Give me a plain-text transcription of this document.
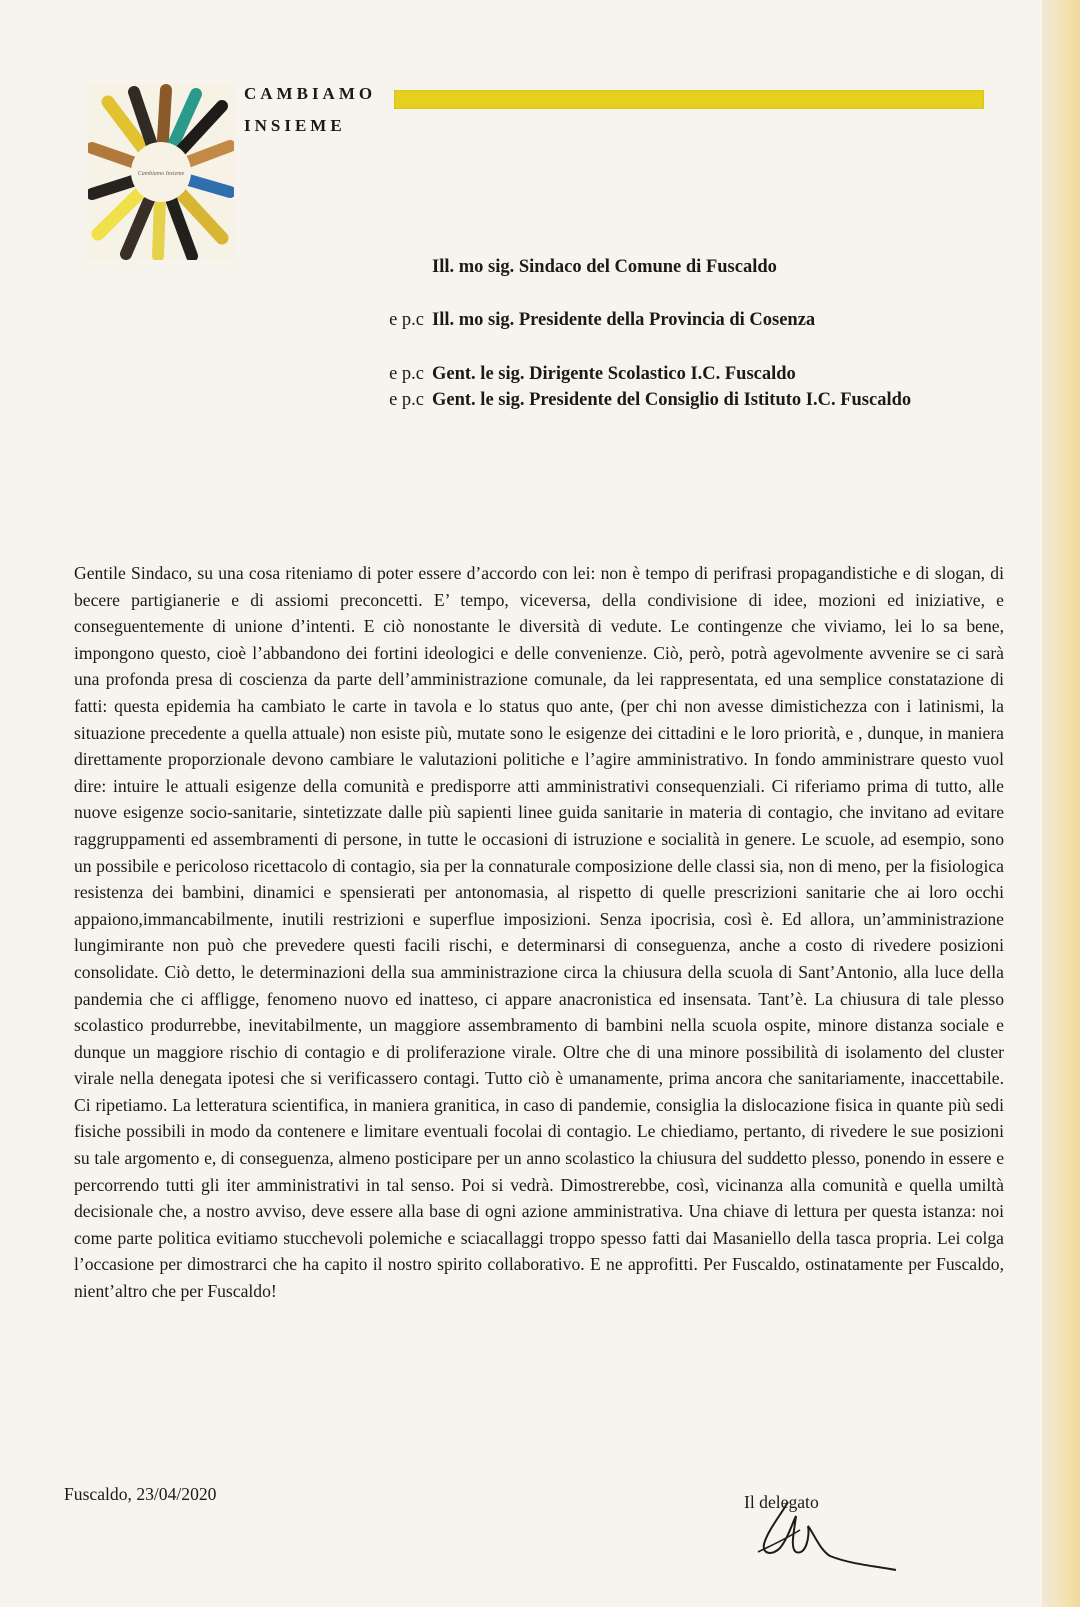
Cambiamo Insieme
CAMBIAMO
INSIEME
Ill. mo sig. Sindaco del Comune di Fuscaldo
e p.c Ill. mo sig. Presidente della Provincia di Cosenza
e p.c Gent. le sig. Dirigente Scolastico I.C. Fuscaldo
e p.c Gent. le sig. Presidente del Consiglio di Istituto I.C. Fuscaldo
Gentile Sindaco, su una cosa riteniamo di poter essere d’accordo con lei: non è tempo di perifrasi propagandistiche e di slogan, di becere partigianerie e di assiomi preconcetti. E’ tempo, viceversa, della condivisione di idee, mozioni ed iniziative, e conseguentemente di unione d’intenti. E ciò nonostante le diversità di vedute. Le contingenze che viviamo, lei lo sa bene, impongono questo, cioè l’abbandono dei fortini ideologici e delle convenienze. Ciò, però, potrà agevolmente avvenire se ci sarà una profonda presa di coscienza da parte dell’amministrazione comunale, da lei rappresentata, ed una semplice constatazione di fatti: questa epidemia ha cambiato le carte in tavola e lo status quo ante, (per chi non avesse dimistichezza con i latinismi, la situazione precedente a quella attuale) non esiste più, mutate sono le esigenze dei cittadini e le loro priorità, e , dunque, in maniera direttamente proporzionale devono cambiare le valutazioni politiche e l’agire amministrativo. In fondo amministrare questo vuol dire: intuire le attuali esigenze della comunità e predisporre atti amministrativi consequenziali. Ci riferiamo prima di tutto, alle nuove esigenze socio-sanitarie, sintetizzate dalle più sapienti linee guida sanitarie in materia di contagio, che invitano ad evitare raggruppamenti ed assembramenti di persone, in tutte le occasioni di istruzione e socialità in genere. Le scuole, ad esempio, sono un possibile e pericoloso ricettacolo di contagio, sia per la connaturale composizione delle classi sia, non di meno, per la fisiologica resistenza dei bambini, dinamici e spensierati per antonomasia, al rispetto di quelle prescrizioni sanitarie che ai loro occhi appaiono,immancabilmente, inutili restrizioni e superflue imposizioni. Senza ipocrisia, così è. Ed allora, un’amministrazione lungimirante non può che prevedere questi facili rischi, e determinarsi di conseguenza, anche a costo di rivedere posizioni consolidate. Ciò detto, le determinazioni della sua amministrazione circa la chiusura della scuola di Sant’Antonio, alla luce della pandemia che ci affligge, fenomeno nuovo ed inatteso, ci appare anacronistica ed insensata. Tant’è. La chiusura di tale plesso scolastico produrrebbe, inevitabilmente, un maggiore assembramento di bambini nella scuola ospite, minore distanza sociale e dunque un maggiore rischio di contagio e di proliferazione virale. Oltre che di una minore possibilità di isolamento del cluster virale nella denegata ipotesi che si verificassero contagi. Tutto ciò è umanamente, prima ancora che sanitariamente, inaccettabile. Ci ripetiamo. La letteratura scientifica, in maniera granitica, in caso di pandemie, consiglia la dislocazione fisica in quante più sedi fisiche possibili in modo da contenere e limitare eventuali focolai di contagio. Le chiediamo, pertanto, di rivedere le sue posizioni su tale argomento e, di conseguenza, almeno posticipare per un anno scolastico la chiusura del suddetto plesso, ponendo in essere e percorrendo tutti gli iter amministrativi in tal senso. Poi si vedrà. Dimostrerebbe, così, vicinanza alla comunità e quella umiltà decisionale che, a nostro avviso, deve essere alla base di ogni azione amministrativa. Una chiave di lettura per questa istanza: noi come parte politica evitiamo stucchevoli polemiche e sciacallaggi troppo spesso fatti dai Masaniello della tasca propria. Lei colga l’occasione per dimostrarci che ha capito il nostro spirito collaborativo. E ne approfitti. Per Fuscaldo, ostinatamente per Fuscaldo, nient’altro che per Fuscaldo!
Fuscaldo, 23/04/2020	Il delegato
